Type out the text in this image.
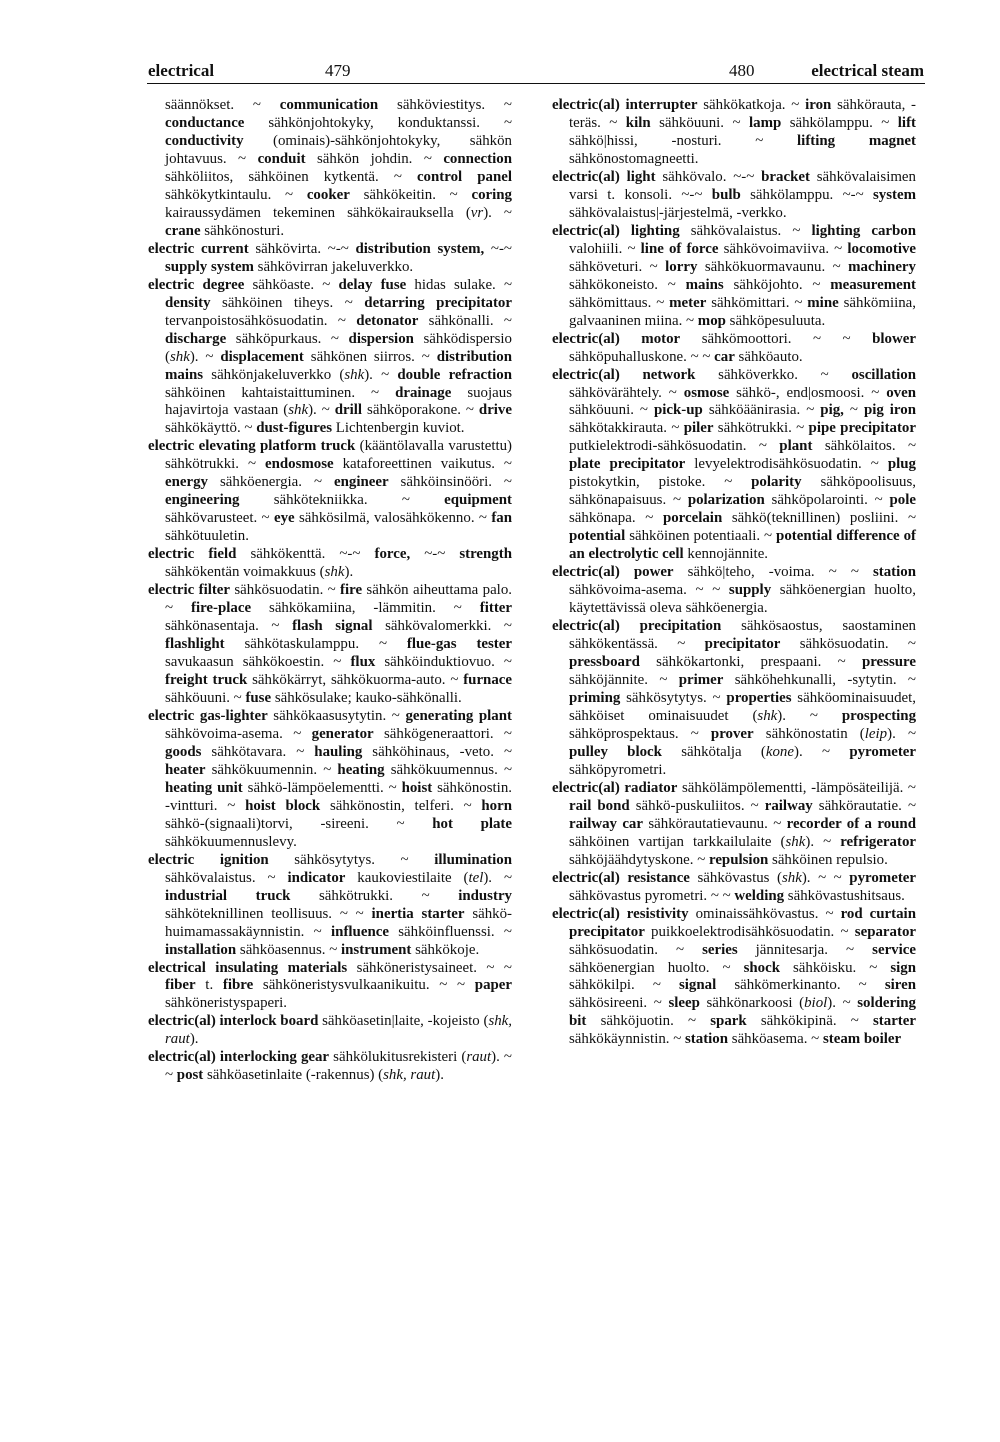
electrical	479	480	electrical steam

säännökset. ~ communication sähköviestitys. ~ conductance sähkönjohtokyky, konduktanssi. ~ conductivity (ominais)-sähkönjohtokyky, sähkön johtavuus. ~ conduit sähkön johdin. ~ connection sähköliitos, sähköinen kytkentä. ~ control panel sähkökytkintaulu. ~ cooker sähkökeitin. ~ coring kairaussydämen tekeminen sähkökairauksella (vr). ~ crane sähkönosturi.

electric current sähkövirta. ~-~ distribution system, ~-~ supply system sähkövirran jakeluverkko.

electric degree sähköaste. ~ delay fuse hidas sulake. ~ density sähköinen tiheys. ~ detarring precipitator tervanpoistosähkösuodatin. ~ detonator sähkönalli. ~ discharge sähköpurkaus. ~ dispersion sähködispersio (shk). ~ displacement sähkönen siirros. ~ distribution mains sähkönjakeluverkko (shk). ~ double refraction sähköinen kahtaistaittuminen. ~ drainage suojaus hajavirtoja vastaan (shk). ~ drill sähköporakone. ~ drive sähkökäyttö. ~ dust-figures Lichtenbergin kuviot.

electric elevating platform truck (kääntölavalla varustettu) sähkötrukki. ~ endosmose kataforeettinen vaikutus. ~ energy sähköenergia. ~ engineer sähköinsinööri. ~ engineering sähkötekniikka. ~ equipment sähkövarusteet. ~ eye sähkösilmä, valosähkökenno. ~ fan sähkötuuletin.

electric field sähkökenttä. ~-~ force, ~-~ strength sähkökentän voimakkuus (shk).

electric filter sähkösuodatin. ~ fire sähkön aiheuttama palo. ~ fire-place sähkökamiina, -lämmitin. ~ fitter sähkönasentaja. ~ flash signal sähkövalomerkki. ~ flashlight sähkötaskulamppu. ~ flue-gas tester savukaasun sähkökoestin. ~ flux sähköinduktiovuo. ~ freight truck sähkökärryt, sähkökuorma-auto. ~ furnace sähköuuni. ~ fuse sähkösulake; kauko-sähkönalli.

electric gas-lighter sähkökaasusytytin. ~ generating plant sähkövoima-asema. ~ generator sähkögeneraattori. ~ goods sähkötavara. ~ hauling sähköhinaus, -veto. ~ heater sähkökuumennin. ~ heating sähkökuumennus. ~ heating unit sähkö-lämpöelementti. ~ hoist sähkönostin. -vintturi. ~ hoist block sähkönostin, telferi. ~ horn sähkö-(signaali)torvi, -sireeni. ~ hot plate sähkökuumennuslevy.

electric ignition sähkösytytys. ~ illumination sähkövalaistus. ~ indicator kaukoviestilaite (tel). ~ industrial truck sähkötrukki. ~ industry sähköteknillinen teollisuus. ~ ~ inertia starter sähkö-huimamassakäynnistin. ~ influence sähköinfluenssi. ~ installation sähköasennus. ~ instrument sähkökoje.

electrical insulating materials sähköneristysaineet. ~ ~ fiber t. fibre sähköneristysvulkaanikuitu. ~ ~ paper sähköneristyspaperi.

electric(al) interlock board sähköasetin|laite, -kojeisto (shk, raut).

electric(al) interlocking gear sähkölukitusrekisteri (raut). ~ ~ post sähköasetinlaite (-rakennus) (shk, raut).

electric(al) interrupter sähkökatkoja. ~ iron sähkörauta, -teräs. ~ kiln sähköuuni. ~ lamp sähkölamppu. ~ lift sähkö|hissi, -nosturi. ~ lifting magnet sähkönostomagneetti.

electric(al) light sähkövalo. ~-~ bracket sähkövalaisimen varsi t. konsoli. ~-~ bulb sähkölamppu. ~-~ system sähkövalaistus|-järjestelmä, -verkko.

electric(al) lighting sähkövalaistus. ~ lighting carbon valohiili. ~ line of force sähkövoimaviiva. ~ locomotive sähköveturi. ~ lorry sähkökuormavaunu. ~ machinery sähkökoneisto. ~ mains sähköjohto. ~ measurement sähkömittaus. ~ meter sähkömittari. ~ mine sähkömiina, galvaaninen miina. ~ mop sähköpesuluuta.

electric(al) motor sähkömoottori. ~ ~ blower sähköpuhalluskone. ~ ~ car sähköauto.

electric(al) network sähköverkko. ~ oscillation sähkövärähtely. ~ osmose sähkö-, end|osmoosi. ~ oven sähköuuni. ~ pick-up sähköäänirasia. ~ pig, ~ pig iron sähkötakkirauta. ~ piler sähkötrukki. ~ pipe precipitator putkielektrodi-sähkösuodatin. ~ plant sähkölaitos. ~ plate precipitator levyelektrodisähkösuodatin. ~ plug pistokytkin, pistoke. ~ polarity sähköpoolisuus, sähkönapaisuus. ~ polarization sähköpolarointi. ~ pole sähkönapa. ~ porcelain sähkö(teknillinen) posliini. ~ potential sähköinen potentiaali. ~ potential difference of an electrolytic cell kennojännite.

electric(al) power sähkö|teho, -voima. ~ ~ station sähkövoima-asema. ~ ~ supply sähköenergian huolto, käytettävissä oleva sähköenergia.

electric(al) precipitation sähkösaostus, saostaminen sähkökentässä. ~ precipitator sähkösuodatin. ~ pressboard sähkökartonki, prespaani. ~ pressure sähköjännite. ~ primer sähköhehkunalli, -sytytin. ~ priming sähkösytytys. ~ properties sähköominaisuudet, sähköiset ominaisuudet (shk). ~ prospecting sähköprospektaus. ~ prover sähkönostatin (leip). ~ pulley block sähkötalja (kone). ~ pyrometer sähköpyrometri.

electric(al) radiator sähkölämpölementti, -lämpösäteilijä. ~ rail bond sähkö-puskuliitos. ~ railway sähkörautatie. ~ railway car sähkörautatievaunu. ~ recorder of a round sähköinen vartijan tarkkailulaite (shk). ~ refrigerator sähköjäähdytyskone. ~ repulsion sähköinen repulsio.

electric(al) resistance sähkövastus (shk). ~ ~ pyrometer sähkövastus pyrometri. ~ ~ welding sähkövastushitsaus.

electric(al) resistivity ominaissähkövastus. ~ rod curtain precipitator puikkoelektrodisähkösuodatin. ~ separator sähkösuodatin. ~ series jännitesarja. ~ service sähköenergian huolto. ~ shock sähköisku. ~ sign sähkökilpi. ~ signal sähkömerkinanto. ~ siren sähkösireeni. ~ sleep sähkönarkoosi (biol). ~ soldering bit sähköjuotin. ~ spark sähkökipinä. ~ starter sähkökäynnistin. ~ station sähköasema. ~ steam boiler
